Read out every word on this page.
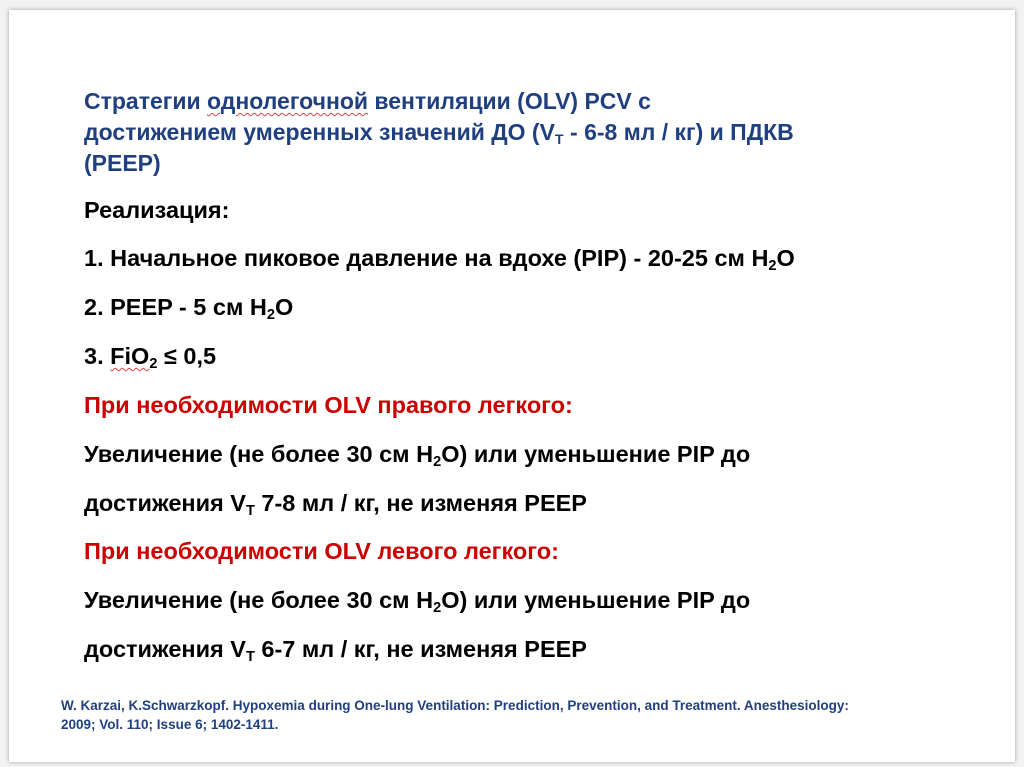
Стратегии однолегочной вентиляции (OLV) PCV с
достижением умеренных значений ДО ($V_T - 6-8$ мл / кг) и ПДКВ
(PEEP)

Реализация:

1. Начальное пиковое давление на вдохе (PIP) - 20-25 см $H_2O$

2. PEEP - 5 см $H_2O$

3. FiO$_2$ ≤ 0,5

При необходимости OLV правого легкого:

Увеличение (не более 30 см $H_2O$) или уменьшение PIP до

достижения $V_T$ 7-8 мл / кг, не изменяя PEEP

При необходимости OLV левого легкого:

Увеличение (не более 30 см $H_2O$) или уменьшение PIP до

достижения $V_T$ 6-7 мл / кг, не изменяя PEEP

W. Karzai, K.Schwarzkopf. Hypoxemia during One-lung Ventilation: Prediction, Prevention, and Treatment. Anesthesiology:
2009; Vol. 110; Issue 6; 1402-1411.
